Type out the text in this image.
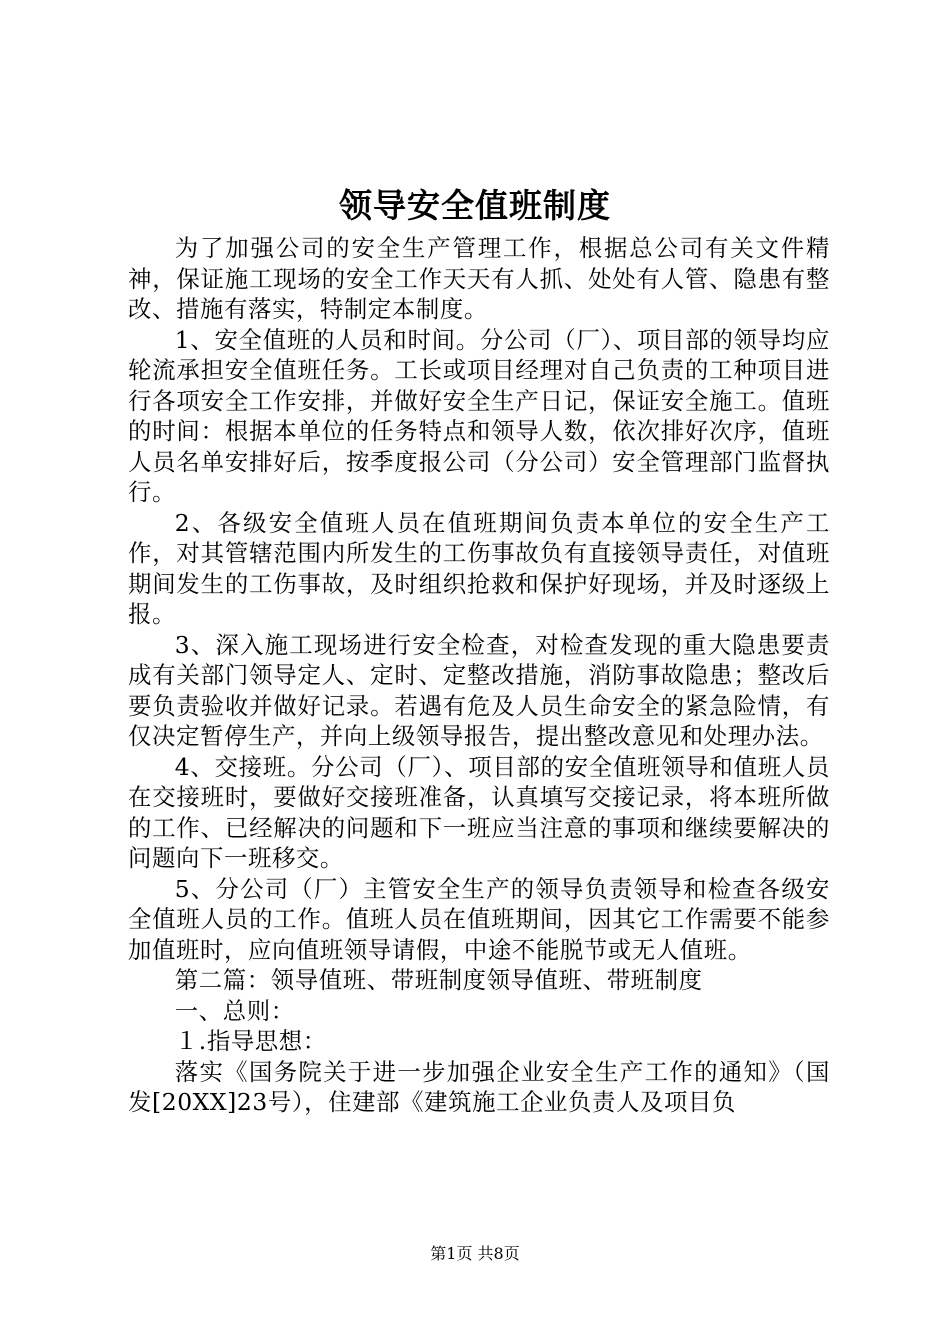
领导安全值班制度

为了加强公司的安全生产管理工作，根据总公司有关文件精神，保证施工现场的安全工作天天有人抓、处处有人管、隐患有整改、措施有落实，特制定本制度。

1、安全值班的人员和时间。分公司（厂）、项目部的领导均应轮流承担安全值班任务。工长或项目经理对自己负责的工种项目进行各项安全工作安排，并做好安全生产日记，保证安全施工。值班的时间：根据本单位的任务特点和领导人数，依次排好次序，值班人员名单安排好后，按季度报公司（分公司）安全管理部门监督执行。

2、各级安全值班人员在值班期间负责本单位的安全生产工作，对其管辖范围内所发生的工伤事故负有直接领导责任，对值班期间发生的工伤事故，及时组织抢救和保护好现场，并及时逐级上报。

3、深入施工现场进行安全检查，对检查发现的重大隐患要责成有关部门领导定人、定时、定整改措施，消防事故隐患；整改后要负责验收并做好记录。若遇有危及人员生命安全的紧急险情，有仅决定暂停生产，并向上级领导报告，提出整改意见和处理办法。

4、交接班。分公司（厂）、项目部的安全值班领导和值班人员在交接班时，要做好交接班准备，认真填写交接记录，将本班所做的工作、已经解决的问题和下一班应当注意的事项和继续要解决的问题向下一班移交。

5、分公司（厂）主管安全生产的领导负责领导和检查各级安全值班人员的工作。值班人员在值班期间，因其它工作需要不能参加值班时，应向值班领导请假，中途不能脱节或无人值班。

第二篇：领导值班、带班制度领导值班、带班制度

一、总则：

１.指导思想：

落实《国务院关于进一步加强企业安全生产工作的通知》（国发[20XX]23号），住建部《建筑施工企业负责人及项目负

第1页 共8页
